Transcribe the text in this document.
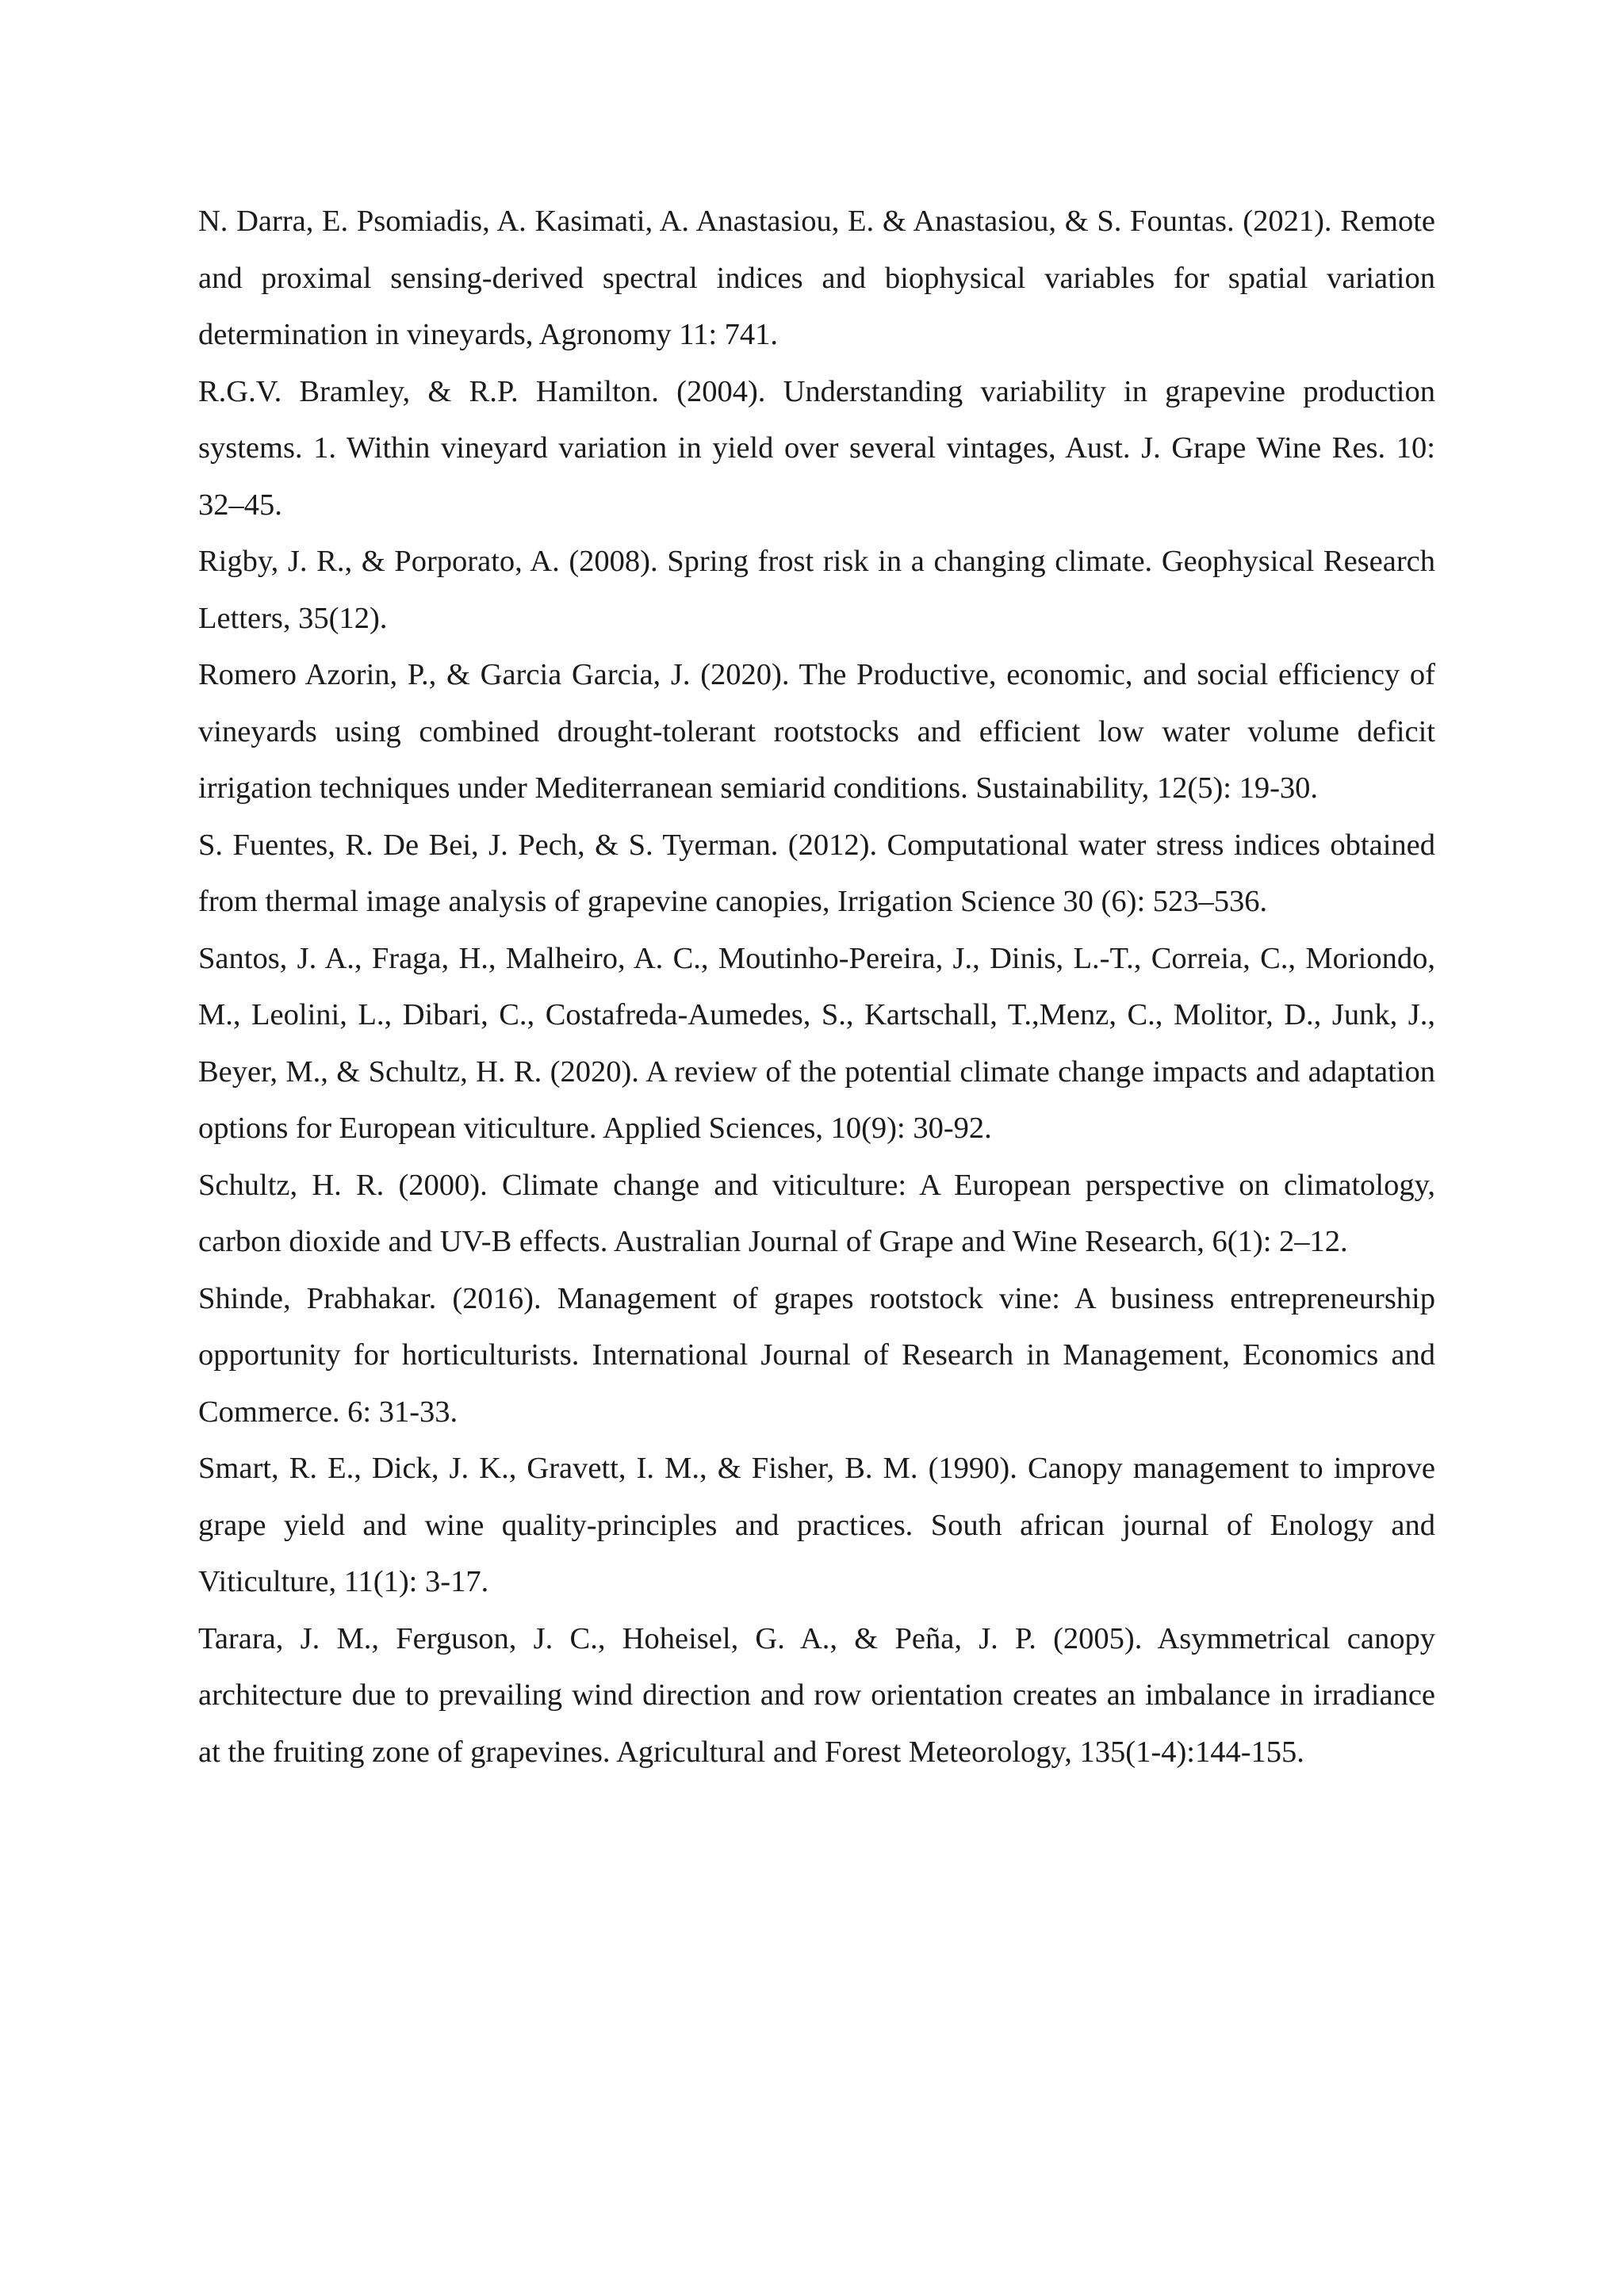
N. Darra, E. Psomiadis, A. Kasimati, A. Anastasiou, E. & Anastasiou, & S. Fountas. (2021). Remote and proximal sensing-derived spectral indices and biophysical variables for spatial variation determination in vineyards, Agronomy 11: 741.

R.G.V. Bramley, & R.P. Hamilton. (2004). Understanding variability in grapevine production systems. 1. Within vineyard variation in yield over several vintages, Aust. J. Grape Wine Res. 10: 32–45.

Rigby, J. R., & Porporato, A. (2008). Spring frost risk in a changing climate. Geophysical Research Letters, 35(12).

Romero Azorin, P., & Garcia Garcia, J. (2020). The Productive, economic, and social efficiency of vineyards using combined drought-tolerant rootstocks and efficient low water volume deficit irrigation techniques under Mediterranean semiarid conditions. Sustainability, 12(5): 19-30.

S. Fuentes, R. De Bei, J. Pech, & S. Tyerman. (2012). Computational water stress indices obtained from thermal image analysis of grapevine canopies, Irrigation Science 30 (6): 523–536.

Santos, J. A., Fraga, H., Malheiro, A. C., Moutinho-Pereira, J., Dinis, L.-T., Correia, C., Moriondo, M., Leolini, L., Dibari, C., Costafreda-Aumedes, S., Kartschall, T.,Menz, C., Molitor, D., Junk, J., Beyer, M., & Schultz, H. R. (2020). A review of the potential climate change impacts and adaptation options for European viticulture. Applied Sciences, 10(9): 30-92.

Schultz, H. R. (2000). Climate change and viticulture: A European perspective on climatology, carbon dioxide and UV-B effects. Australian Journal of Grape and Wine Research, 6(1): 2–12.

Shinde, Prabhakar. (2016). Management of grapes rootstock vine: A business entrepreneurship opportunity for horticulturists. International Journal of Research in Management, Economics and Commerce. 6: 31-33.

Smart, R. E., Dick, J. K., Gravett, I. M., & Fisher, B. M. (1990). Canopy management to improve grape yield and wine quality-principles and practices. South african journal of Enology and Viticulture, 11(1): 3-17.

Tarara, J. M., Ferguson, J. C., Hoheisel, G. A., & Peña, J. P. (2005). Asymmetrical canopy architecture due to prevailing wind direction and row orientation creates an imbalance in irradiance at the fruiting zone of grapevines. Agricultural and Forest Meteorology, 135(1-4):144-155.
